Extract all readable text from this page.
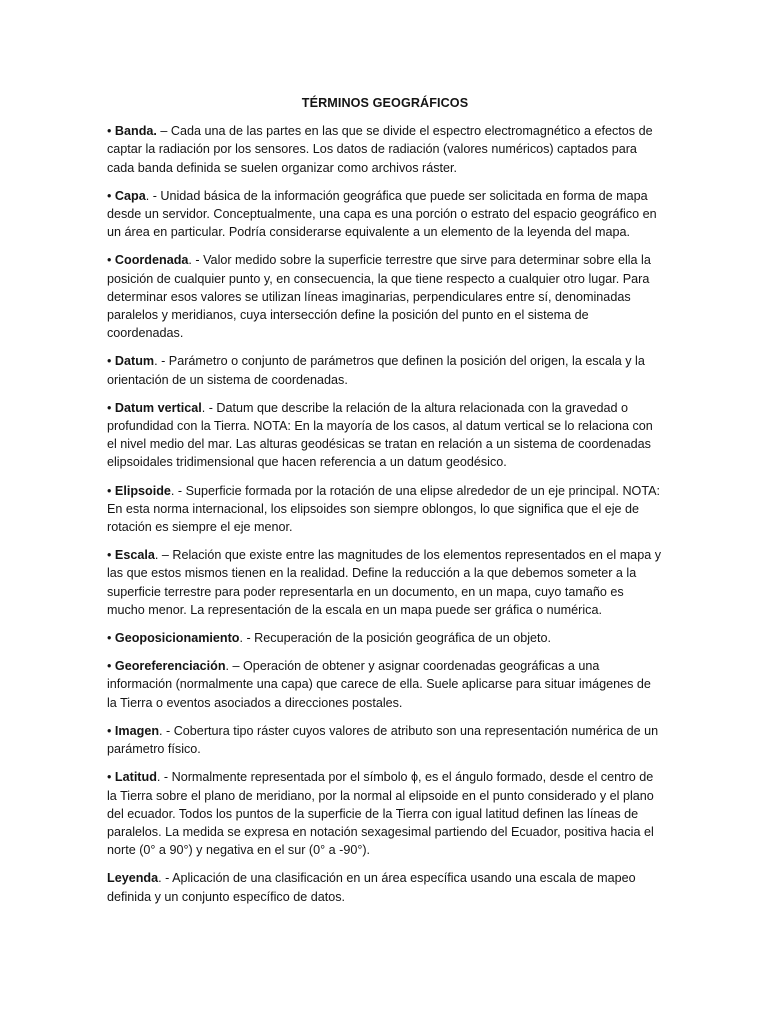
TÉRMINOS GEOGRÁFICOS

• Banda. – Cada una de las partes en las que se divide el espectro electromagnético a efectos de captar la radiación por los sensores. Los datos de radiación (valores numéricos) captados para cada banda definida se suelen organizar como archivos ráster.

• Capa. - Unidad básica de la información geográfica que puede ser solicitada en forma de mapa desde un servidor. Conceptualmente, una capa es una porción o estrato del espacio geográfico en un área en particular. Podría considerarse equivalente a un elemento de la leyenda del mapa.

• Coordenada. - Valor medido sobre la superficie terrestre que sirve para determinar sobre ella la posición de cualquier punto y, en consecuencia, la que tiene respecto a cualquier otro lugar. Para determinar esos valores se utilizan líneas imaginarias, perpendiculares entre sí, denominadas paralelos y meridianos, cuya intersección define la posición del punto en el sistema de coordenadas.

• Datum. - Parámetro o conjunto de parámetros que definen la posición del origen, la escala y la orientación de un sistema de coordenadas.

• Datum vertical. - Datum que describe la relación de la altura relacionada con la gravedad o profundidad con la Tierra. NOTA: En la mayoría de los casos, al datum vertical se lo relaciona con el nivel medio del mar. Las alturas geodésicas se tratan en relación a un sistema de coordenadas elipsoidales tridimensional que hacen referencia a un datum geodésico.

• Elipsoide. - Superficie formada por la rotación de una elipse alrededor de un eje principal. NOTA: En esta norma internacional, los elipsoides son siempre oblongos, lo que significa que el eje de rotación es siempre el eje menor.

• Escala. – Relación que existe entre las magnitudes de los elementos representados en el mapa y las que estos mismos tienen en la realidad. Define la reducción a la que debemos someter a la superficie terrestre para poder representarla en un documento, en un mapa, cuyo tamaño es mucho menor. La representación de la escala en un mapa puede ser gráfica o numérica.

• Geoposicionamiento. - Recuperación de la posición geográfica de un objeto.

• Georeferenciación. – Operación de obtener y asignar coordenadas geográficas a una información (normalmente una capa) que carece de ella. Suele aplicarse para situar imágenes de la Tierra o eventos asociados a direcciones postales.

• Imagen. - Cobertura tipo ráster cuyos valores de atributo son una representación numérica de un parámetro físico.

• Latitud. - Normalmente representada por el símbolo ϕ, es el ángulo formado, desde el centro de la Tierra sobre el plano de meridiano, por la normal al elipsoide en el punto considerado y el plano del ecuador. Todos los puntos de la superficie de la Tierra con igual latitud definen las líneas de paralelos. La medida se expresa en notación sexagesimal partiendo del Ecuador, positiva hacia el norte (0° a 90°) y negativa en el sur (0° a -90°).

Leyenda. - Aplicación de una clasificación en un área específica usando una escala de mapeo definida y un conjunto específico de datos.
